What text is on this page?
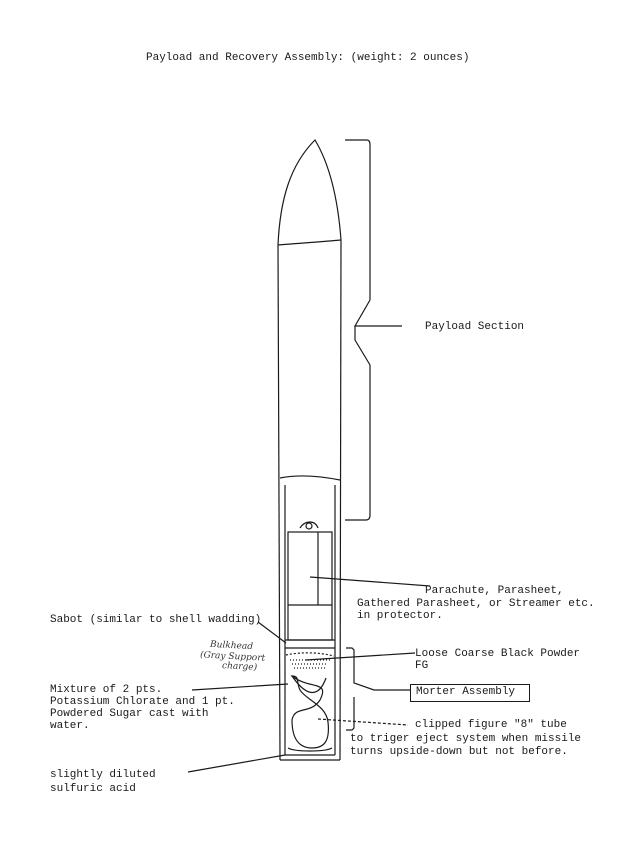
Payload and Recovery Assembly: (weight: 2 ounces)
Payload Section
Parachute, Parasheet,
Gathered Parasheet, or Streamer etc.
in protector.
Sabot (similar to shell wadding)
Bulkhead
(Gray Support
charge)
Loose Coarse Black Powder
FG
Mixture of 2 pts.
Potassium Chlorate and 1 pt.
Powdered Sugar cast with
water.
Morter Assembly
clipped figure "8" tube
to triger eject system when missile
turns upside-down but not before.
slightly diluted
sulfuric acid
